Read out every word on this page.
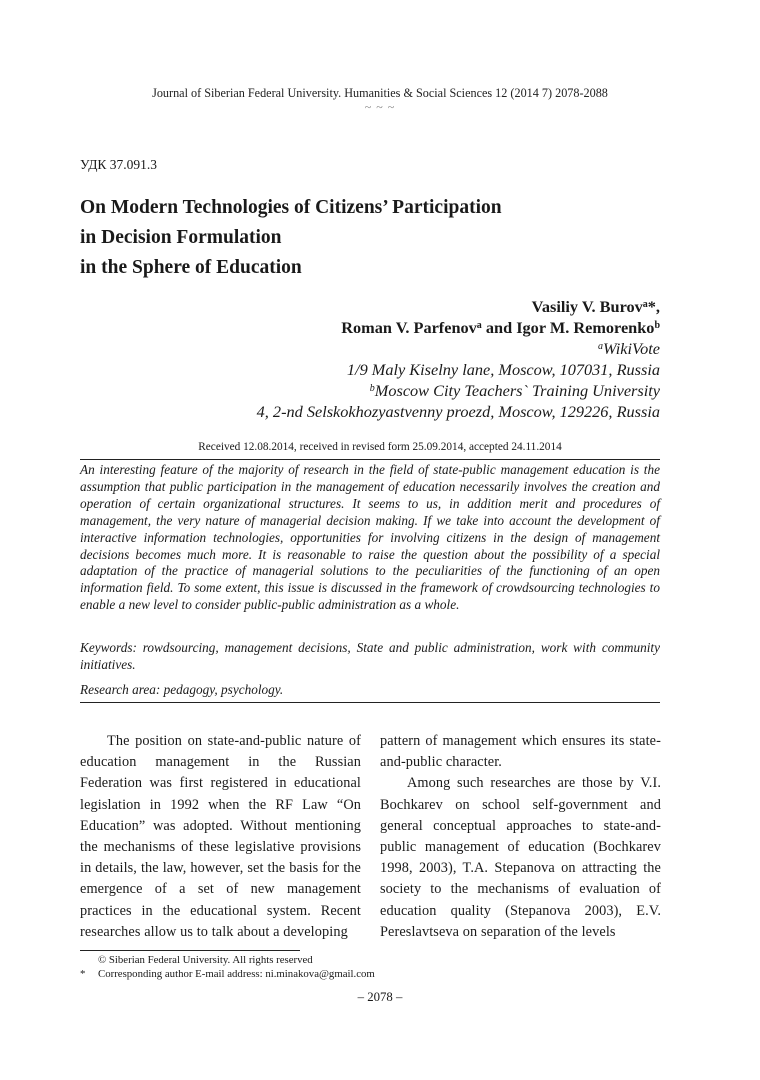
Journal of Siberian Federal University. Humanities & Social Sciences 12 (2014 7) 2078-2088
~ ~ ~
УДК 37.091.3
On Modern Technologies of Citizens’ Participation
in Decision Formulation
in the Sphere of Education
Vasiliy V. Burov$^a$*,
Roman V. Parfenov$^a$ and Igor M. Remorenko$^b$
$^a$WikiVote
1/9 Maly Kiselny lane, Moscow, 107031, Russia
$^b$Moscow City Teachers` Training University
4, 2-nd Selskokhozyastvenny proezd, Moscow, 129226, Russia
Received 12.08.2014, received in revised form 25.09.2014, accepted 24.11.2014

An interesting feature of the majority of research in the field of state-public management education is the assumption that public participation in the management of education necessarily involves the creation and operation of certain organizational structures. It seems to us, in addition merit and procedures of management, the very nature of managerial decision making. If we take into account the development of interactive information technologies, opportunities for involving citizens in the design of management decisions becomes much more. It is reasonable to raise the question about the possibility of a special adaptation of the practice of managerial solutions to the peculiarities of the functioning of an open information field. To some extent, this issue is discussed in the framework of crowdsourcing technologies to enable a new level to consider public-public administration as a whole.

Keywords: rowdsourcing, management decisions, State and public administration, work with community initiatives.

Research area: pedagogy, psychology.

The position on state-and-public nature of education management in the Russian Federation was first registered in educational legislation in 1992 when the RF Law “On Education” was adopted. Without mentioning the mechanisms of these legislative provisions in details, the law, however, set the basis for the emergence of a set of new management practices in the educational system. Recent researches allow us to talk about a developing

pattern of management which ensures its state-and-public character.

Among such researches are those by V.I. Bochkarev on school self-government and general conceptual approaches to state-and-public management of education (Bochkarev 1998, 2003), T.A. Stepanova on attracting the society to the mechanisms of evaluation of education quality (Stepanova 2003), E.V. Pereslavtseva on separation of the levels

© Siberian Federal University. All rights reserved
* Corresponding author E-mail address: ni.minakova@gmail.com
– 2078 –
